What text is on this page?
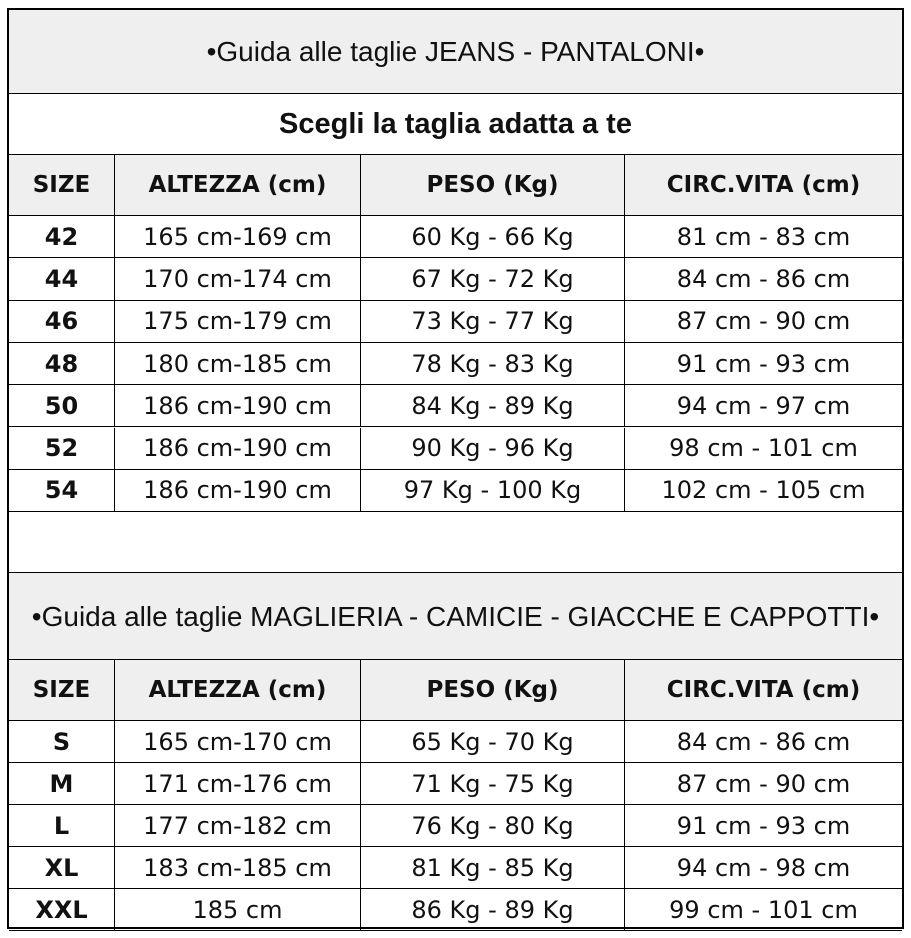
•Guida alle taglie JEANS - PANTALONI•
Scegli la taglia adatta a te
SIZE	ALTEZZA (cm)	PESO (Kg)	CIRC.VITA (cm)
42	165 cm-169 cm	60 Kg - 66 Kg	81 cm - 83 cm
44	170 cm-174 cm	67 Kg - 72 Kg	84 cm - 86 cm
46	175 cm-179 cm	73 Kg - 77 Kg	87 cm - 90 cm
48	180 cm-185 cm	78 Kg - 83 Kg	91 cm - 93 cm
50	186 cm-190 cm	84 Kg - 89 Kg	94 cm - 97 cm
52	186 cm-190 cm	90 Kg - 96 Kg	98 cm - 101 cm
54	186 cm-190 cm	97 Kg - 100 Kg	102 cm - 105 cm
•Guida alle taglie MAGLIERIA - CAMICIE - GIACCHE E CAPPOTTI•
SIZE	ALTEZZA (cm)	PESO (Kg)	CIRC.VITA (cm)
S	165 cm-170 cm	65 Kg - 70 Kg	84 cm - 86 cm
M	171 cm-176 cm	71 Kg - 75 Kg	87 cm - 90 cm
L	177 cm-182 cm	76 Kg - 80 Kg	91 cm - 93 cm
XL	183 cm-185 cm	81 Kg - 85 Kg	94 cm - 98 cm
XXL	185 cm	86 Kg - 89 Kg	99 cm - 101 cm
